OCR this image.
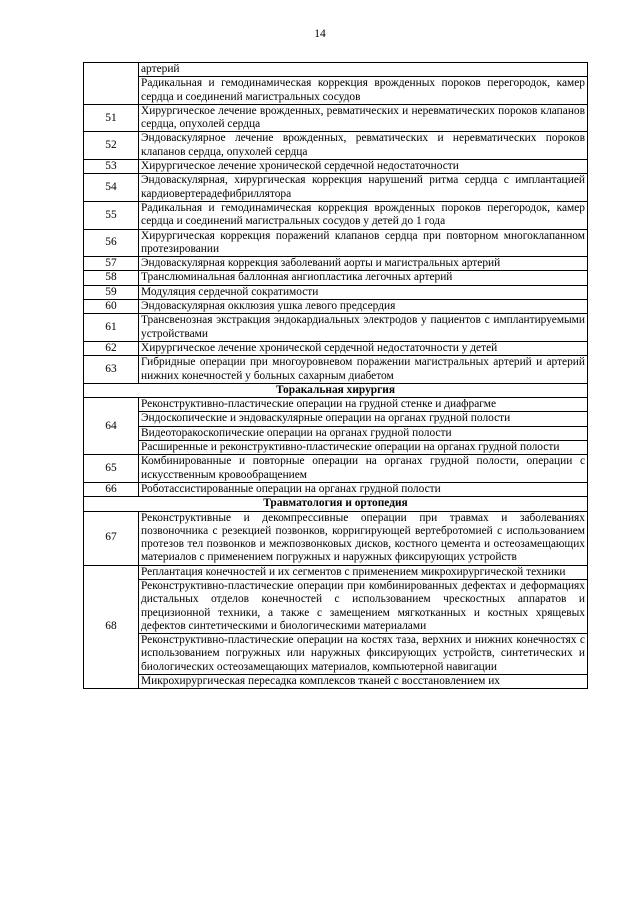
14
	артерий
	Радикальная и гемодинамическая коррекция врожденных пороков перегородок, камер сердца и соединений магистральных сосудов
51	Хирургическое лечение врожденных, ревматических и неревматических пороков клапанов сердца, опухолей сердца
52	Эндоваскулярное лечение врожденных, ревматических и неревматических пороков клапанов сердца, опухолей сердца
53	Хирургическое лечение хронической сердечной недостаточности
54	Эндоваскулярная, хирургическая коррекция нарушений ритма сердца с имплантацией кардиовертерадефибриллятора
55	Радикальная и гемодинамическая коррекция врожденных пороков перегородок, камер сердца и соединений магистральных сосудов у детей до 1 года
56	Хирургическая коррекция поражений клапанов сердца при повторном многоклапанном протезировании
57	Эндоваскулярная коррекция заболеваний аорты и магистральных артерий
58	Транслюминальная баллонная ангиопластика легочных артерий
59	Модуляция сердечной сократимости
60	Эндоваскулярная окклюзия ушка левого предсердия
61	Трансвенозная экстракция эндокардиальных электродов у пациентов с имплантируемыми устройствами
62	Хирургическое лечение хронической сердечной недостаточности у детей
63	Гибридные операции при многоуровневом поражении магистральных артерий и артерий нижних конечностей у больных сахарным диабетом
Торакальная хирургия	
64	Реконструктивно-пластические операции на грудной стенке и диафрагме
	Эндоскопические и эндоваскулярные операции на органах грудной полости
	Видеоторакоскопические операции на органах грудной полости
	Расширенные и реконструктивно-пластические операции на органах грудной полости
65	Комбинированные и повторные операции на органах грудной полости, операции с искусственным кровообращением
66	Роботассистированные операции на органах грудной полости
Травматология и ортопедия	
67	Реконструктивные и декомпрессивные операции при травмах и заболеваниях позвоночника с резекцией позвонков, корригирующей вертебротомией с использованием протезов тел позвонков и межпозвонковых дисков, костного цемента и остеозамещающих материалов с применением погружных и наружных фиксирующих устройств
68	Реплантация конечностей и их сегментов с применением микрохирургической техники
	Реконструктивно-пластические операции при комбинированных дефектах и деформациях дистальных отделов конечностей с использованием чрескостных аппаратов и прецизионной техники, а также с замещением мягкотканных и костных хрящевых дефектов синтетическими и биологическими материалами
	Реконструктивно-пластические операции на костях таза, верхних и нижних конечностях с использованием погружных или наружных фиксирующих устройств, синтетических и биологических остеозамещающих материалов, компьютерной навигации
	Микрохирургическая пересадка комплексов тканей с восстановлением их
